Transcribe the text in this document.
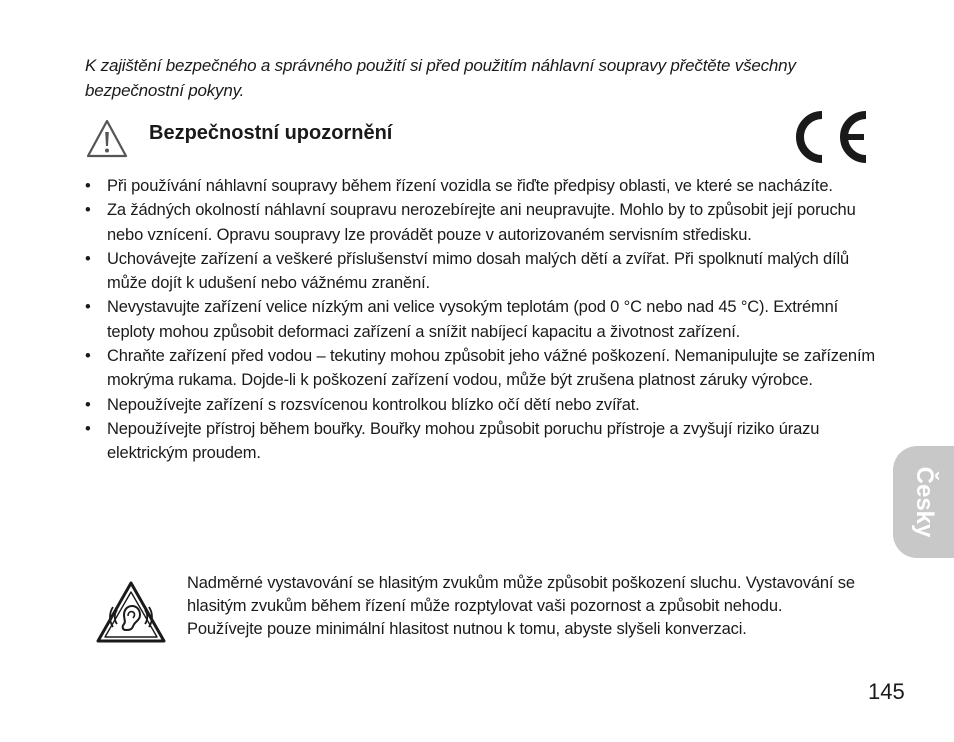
K zajištění bezpečného a správného použití si před použitím náhlavní soupravy přečtěte všechny bezpečnostní pokyny.
Bezpečnostní upozornění
• Při používání náhlavní soupravy během řízení vozidla se řiďte předpisy oblasti, ve které se nacházíte.
• Za žádných okolností náhlavní soupravu nerozebírejte ani neupravujte. Mohlo by to způsobit její poruchu nebo vznícení. Opravu soupravy lze provádět pouze v autorizovaném servisním středisku.
• Uchovávejte zařízení a veškeré příslušenství mimo dosah malých dětí a zvířat. Při spolknutí malých dílů může dojít k udušení nebo vážnému zranění.
• Nevystavujte zařízení velice nízkým ani velice vysokým teplotám (pod 0 °C nebo nad 45 °C). Extrémní teploty mohou způsobit deformaci zařízení a snížit nabíjecí kapacitu a životnost zařízení.
• Chraňte zařízení před vodou – tekutiny mohou způsobit jeho vážné poškození. Nemanipulujte se zařízením mokrýma rukama. Dojde-li k poškození zařízení vodou, může být zrušena platnost záruky výrobce.
• Nepoužívejte zařízení s rozsvícenou kontrolkou blízko očí dětí nebo zvířat.
• Nepoužívejte přístroj během bouřky. Bouřky mohou způsobit poruchu přístroje a zvyšují riziko úrazu elektrickým proudem.
Nadměrné vystavování se hlasitým zvukům může způsobit poškození sluchu. Vystavování se hlasitým zvukům během řízení může rozptylovat vaši pozornost a způsobit nehodu. Používejte pouze minimální hlasitost nutnou k tomu, abyste slyšeli konverzaci.
Česky
145
